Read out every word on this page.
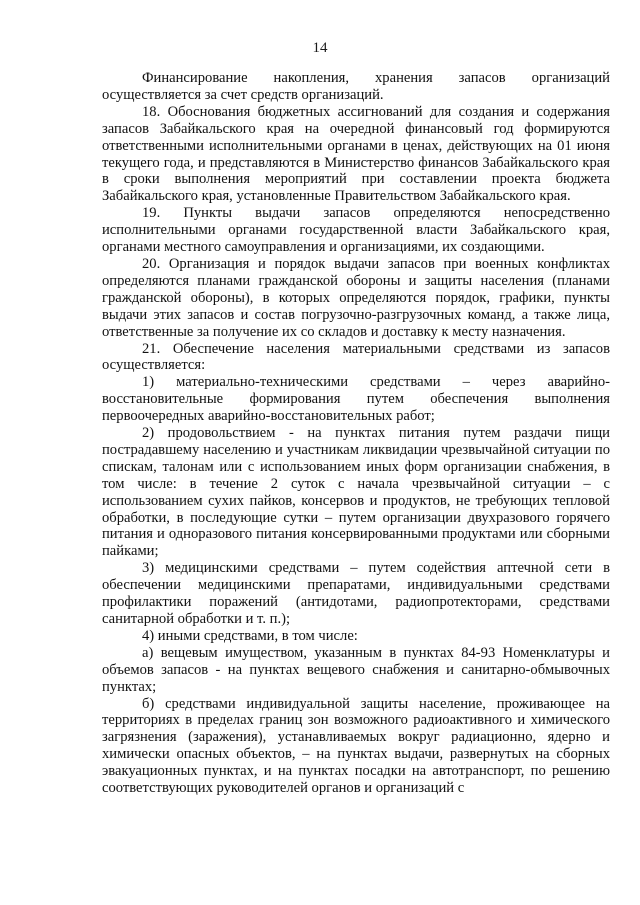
14

Финансирование накопления, хранения запасов организаций осуществляется за счет средств организаций.

18. Обоснования бюджетных ассигнований для создания и содержания запасов Забайкальского края на очередной финансовый год формируются ответственными исполнительными органами в ценах, действующих на 01 июня текущего года, и представляются в Министерство финансов Забайкальского края в сроки выполнения мероприятий при составлении проекта бюджета Забайкальского края, установленные Правительством Забайкальского края.

19. Пункты выдачи запасов определяются непосредственно исполнительными органами государственной власти Забайкальского края, органами местного самоуправления и организациями, их создающими.

20. Организация и порядок выдачи запасов при военных конфликтах определяются планами гражданской обороны и защиты населения (планами гражданской обороны), в которых определяются порядок, графики, пункты выдачи этих запасов и состав погрузочно-разгрузочных команд, а также лица, ответственные за получение их со складов и доставку к месту назначения.

21. Обеспечение населения материальными средствами из запасов осуществляется:

1) материально-техническими средствами – через аварийно-восстановительные формирования путем обеспечения выполнения первоочередных аварийно-восстановительных работ;

2) продовольствием - на пунктах питания путем раздачи пищи пострадавшему населению и участникам ликвидации чрезвычайной ситуации по спискам, талонам или с использованием иных форм организации снабжения, в том числе: в течение 2 суток с начала чрезвычайной ситуации – с использованием сухих пайков, консервов и продуктов, не требующих тепловой обработки, в последующие сутки – путем организации двухразового горячего питания и одноразового питания консервированными продуктами или сборными пайками;

3) медицинскими средствами – путем содействия аптечной сети в обеспечении медицинскими препаратами, индивидуальными средствами профилактики поражений (антидотами, радиопротекторами, средствами санитарной обработки и т. п.);

4) иными средствами, в том числе:

а) вещевым имуществом, указанным в пунктах 84-93 Номенклатуры и объемов запасов - на пунктах вещевого снабжения и санитарно-обмывочных пунктах;

б) средствами индивидуальной защиты население, проживающее на территориях в пределах границ зон возможного радиоактивного и химического загрязнения (заражения), устанавливаемых вокруг радиационно, ядерно и химически опасных объектов, – на пунктах выдачи, развернутых на сборных эвакуационных пунктах, и на пунктах посадки на автотранспорт, по решению соответствующих руководителей органов и организаций с
